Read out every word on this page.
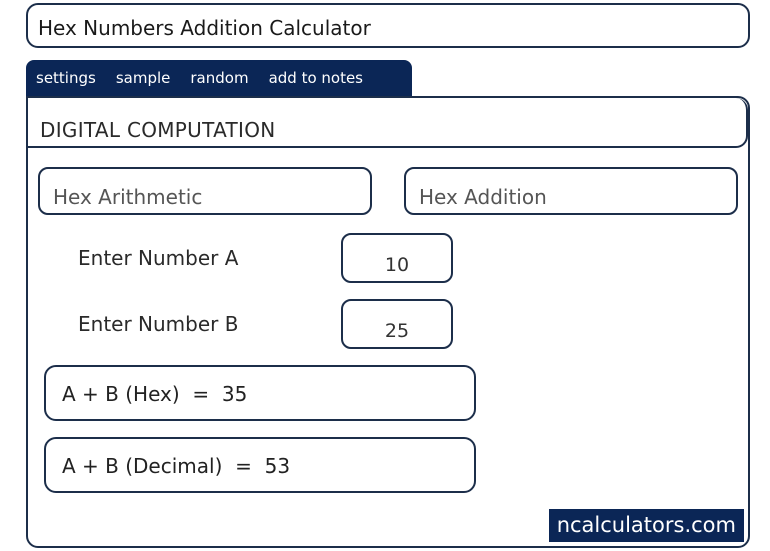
Hex Numbers Addition Calculator
settings	sample	random	add to notes
DIGITAL COMPUTATION
Hex Arithmetic	Hex Addition
Enter Number A
10
Enter Number B
25
A + B (Hex) = 35
A + B (Decimal) = 53
ncalculators.com
